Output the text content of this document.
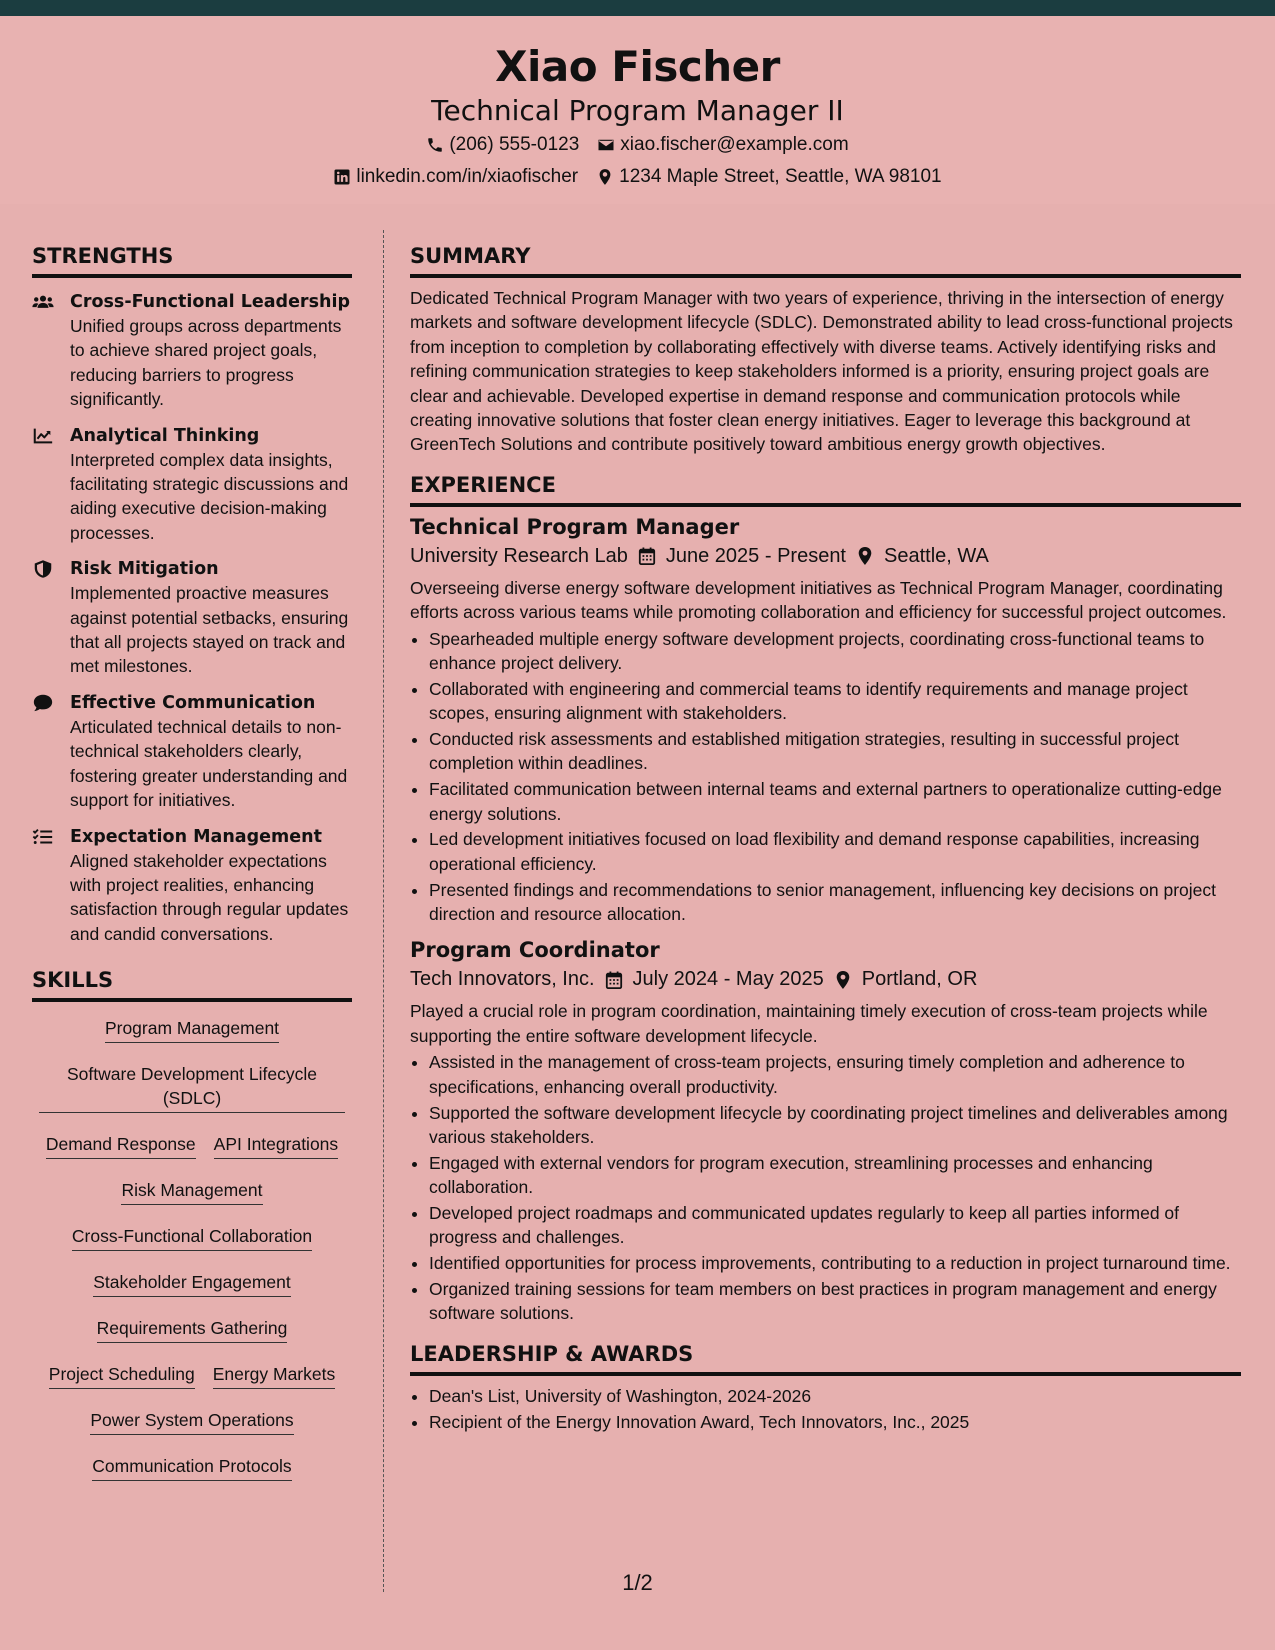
Xiao Fischer
Technical Program Manager II
(206) 555-0123 xiao.fischer@example.com
linkedin.com/in/xiaofischer 1234 Maple Street, Seattle, WA 98101
STRENGTHS
Cross-Functional Leadership
Unified groups across departments to achieve shared project goals, reducing barriers to progress significantly.
Analytical Thinking
Interpreted complex data insights, facilitating strategic discussions and aiding executive decision-making processes.
Risk Mitigation
Implemented proactive measures against potential setbacks, ensuring that all projects stayed on track and met milestones.
Effective Communication
Articulated technical details to non-technical stakeholders clearly, fostering greater understanding and support for initiatives.
Expectation Management
Aligned stakeholder expectations with project realities, enhancing satisfaction through regular updates and candid conversations.
SKILLS
Program Management
Software Development Lifecycle (SDLC)
Demand Response API Integrations
Risk Management
Cross-Functional Collaboration
Stakeholder Engagement
Requirements Gathering
Project Scheduling Energy Markets
Power System Operations
Communication Protocols
SUMMARY
Dedicated Technical Program Manager with two years of experience, thriving in the intersection of energy markets and software development lifecycle (SDLC). Demonstrated ability to lead cross-functional projects from inception to completion by collaborating effectively with diverse teams. Actively identifying risks and refining communication strategies to keep stakeholders informed is a priority, ensuring project goals are clear and achievable. Developed expertise in demand response and communication protocols while creating innovative solutions that foster clean energy initiatives. Eager to leverage this background at GreenTech Solutions and contribute positively toward ambitious energy growth objectives.
EXPERIENCE
Technical Program Manager
University Research Lab June 2025 - Present Seattle, WA
Overseeing diverse energy software development initiatives as Technical Program Manager, coordinating efforts across various teams while promoting collaboration and efficiency for successful project outcomes.
• Spearheaded multiple energy software development projects, coordinating cross-functional teams to enhance project delivery.
• Collaborated with engineering and commercial teams to identify requirements and manage project scopes, ensuring alignment with stakeholders.
• Conducted risk assessments and established mitigation strategies, resulting in successful project completion within deadlines.
• Facilitated communication between internal teams and external partners to operationalize cutting-edge energy solutions.
• Led development initiatives focused on load flexibility and demand response capabilities, increasing operational efficiency.
• Presented findings and recommendations to senior management, influencing key decisions on project direction and resource allocation.
Program Coordinator
Tech Innovators, Inc. July 2024 - May 2025 Portland, OR
Played a crucial role in program coordination, maintaining timely execution of cross-team projects while supporting the entire software development lifecycle.
• Assisted in the management of cross-team projects, ensuring timely completion and adherence to specifications, enhancing overall productivity.
• Supported the software development lifecycle by coordinating project timelines and deliverables among various stakeholders.
• Engaged with external vendors for program execution, streamlining processes and enhancing collaboration.
• Developed project roadmaps and communicated updates regularly to keep all parties informed of progress and challenges.
• Identified opportunities for process improvements, contributing to a reduction in project turnaround time.
• Organized training sessions for team members on best practices in program management and energy software solutions.
LEADERSHIP & AWARDS
• Dean's List, University of Washington, 2024-2026
• Recipient of the Energy Innovation Award, Tech Innovators, Inc., 2025
1/2
